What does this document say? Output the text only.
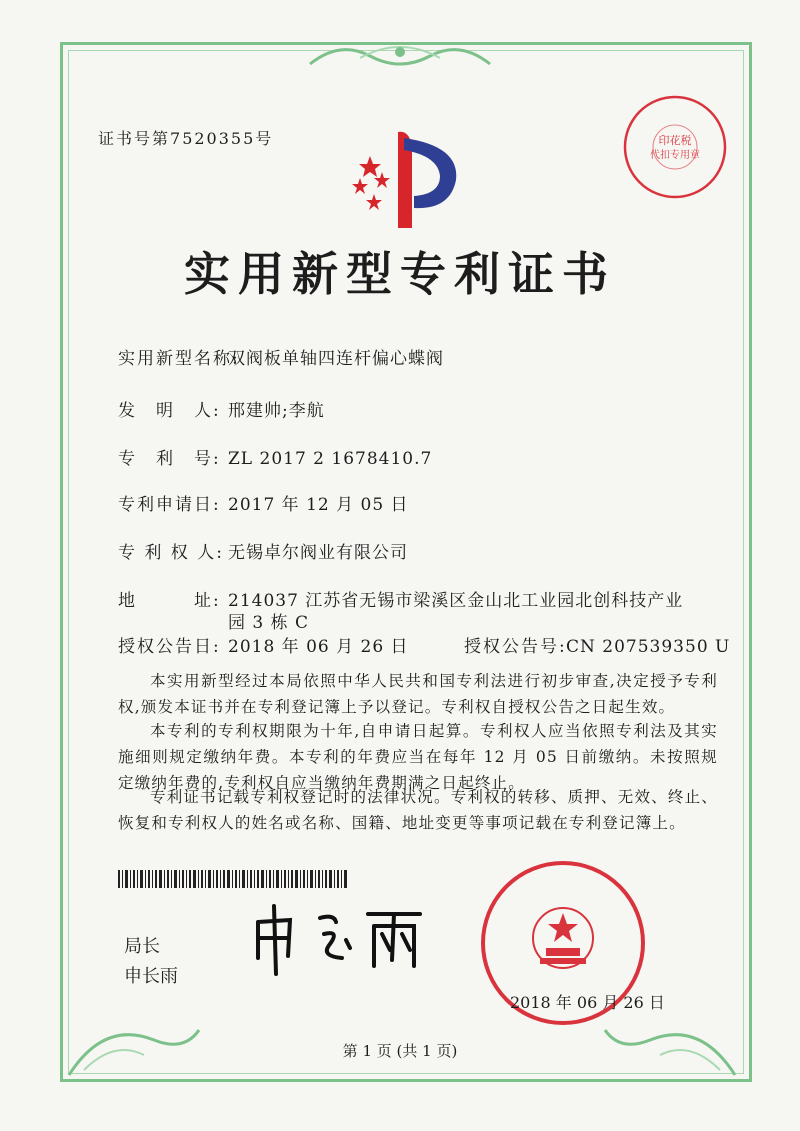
证书号第7520355号	印花税
代扣专用章
实用新型专利证书
实用新型名称:双阀板单轴四连杆偏心蝶阀
发　明　人: 邢建帅;李航
专　利　号: ZL 2017 2 1678410.7
专利申请日: 2017 年 12 月 05 日
专 利 权 人: 无锡卓尔阀业有限公司
地　　　址: 214037 江苏省无锡市梁溪区金山北工业园北创科技产业
园 3 栋 C
授权公告日: 2018 年 06 月 26 日	授权公告号:CN 207539350 U
本实用新型经过本局依照中华人民共和国专利法进行初步审查,决定授予专利权,颁发本证书并在专利登记簿上予以登记。专利权自授权公告之日起生效。
本专利的专利权期限为十年,自申请日起算。专利权人应当依照专利法及其实施细则规定缴纳年费。本专利的年费应当在每年 12 月 05 日前缴纳。未按照规定缴纳年费的,专利权自应当缴纳年费期满之日起终止。
专利证书记载专利权登记时的法律状况。专利权的转移、质押、无效、终止、恢复和专利权人的姓名或名称、国籍、地址变更等事项记载在专利登记簿上。
局长
申长雨
2018 年 06 月 26 日
第 1 页 (共 1 页)
